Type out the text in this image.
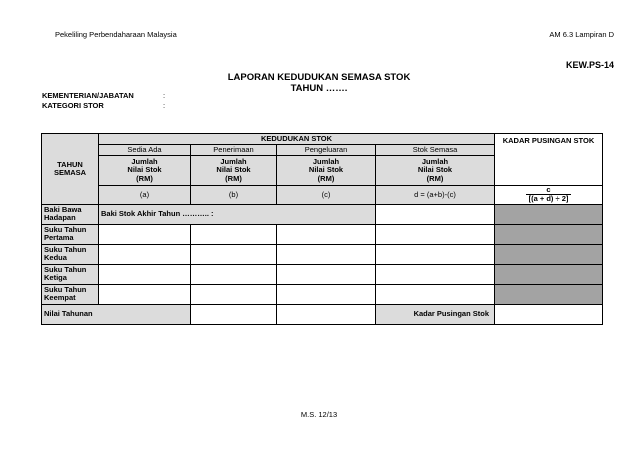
Pekeliling Perbendaharaan Malaysia	AM 6.3 Lampiran D
KEW.PS-14
LAPORAN KEDUDUKAN SEMASA STOK
TAHUN …….
KEMENTERIAN/JABATAN	:
KATEGORI STOR	:
TAHUN SEMASA	KEDUDUKAN STOK				KADAR PUSINGAN STOK
	Sedia Ada	Penerimaan	Pengeluaran	Stok Semasa	
	Jumlah
Nilai Stok
(RM)	Jumlah
Nilai Stok
(RM)	Jumlah
Nilai Stok
(RM)	Jumlah
Nilai Stok
(RM)	
	(a)	(b)	(c)	d = (a+b)-(c)	$\frac{c}{[(a + d) \div 2]}$

Baki Bawa Hadapan	Baki Stok Akhir Tahun ……….. :				
Suku Tahun Pertama					
Suku Tahun Kedua					
Suku Tahun Ketiga					
Suku Tahun Keempat					
Nilai Tahunan				Kadar Pusingan Stok	
M.S. 12/13
